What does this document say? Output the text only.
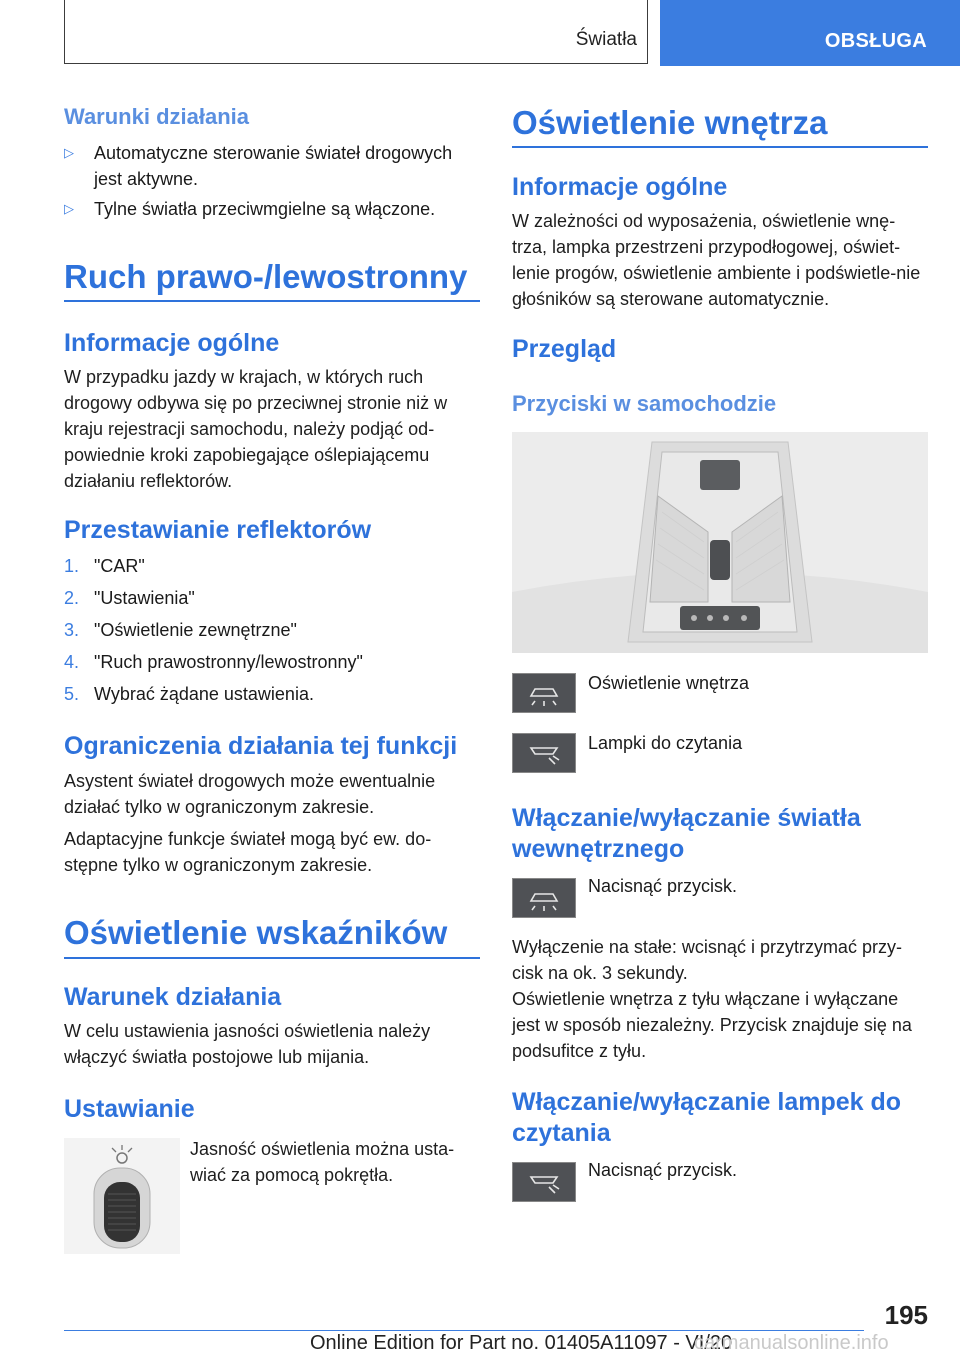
Światła	OBSŁUGA
Warunki działania
▷ Automatyczne sterowanie świateł drogowych jest aktywne.
▷ Tylne światła przeciwmgielne są włączone.
Ruch prawo-/lewostronny
Informacje ogólne
W przypadku jazdy w krajach, w których ruch drogowy odbywa się po przeciwnej stronie niż w kraju rejestracji samochodu, należy podjąć od-powiednie kroki zapobiegające oślepiającemu działaniu reflektorów.
Przestawianie reflektorów
1. "CAR"
2. "Ustawienia"
3. "Oświetlenie zewnętrzne"
4. "Ruch prawostronny/lewostronny"
5. Wybrać żądane ustawienia.
Ograniczenia działania tej funkcji
Asystent świateł drogowych może ewentualnie działać tylko w ograniczonym zakresie.
Adaptacyjne funkcje świateł mogą być ew. do-stępne tylko w ograniczonym zakresie.
Oświetlenie wskaźników
Warunek działania
W celu ustawienia jasności oświetlenia należy włączyć światła postojowe lub mijania.
Ustawianie
Jasność oświetlenia można usta-wiać za pomocą pokrętła.
Oświetlenie wnętrza
Informacje ogólne
W zależności od wyposażenia, oświetlenie wnę-trza, lampka przestrzeni przypodłogowej, oświet-lenie progów, oświetlenie ambiente i podświetle-nie głośników są sterowane automatycznie.
Przegląd
Przyciski w samochodzie
Oświetlenie wnętrza
Lampki do czytania
Włączanie/wyłączanie światła wewnętrznego
Nacisnąć przycisk.
Wyłączenie na stałe: wcisnąć i przytrzymać przy-cisk na ok. 3 sekundy.
Oświetlenie wnętrza z tyłu włączane i wyłączane jest w sposób niezależny. Przycisk znajduje się na podsufitce z tyłu.
Włączanie/wyłączanie lampek do czytania
Nacisnąć przycisk.
195
Online Edition for Part no. 01405A11097 - VI/20
carmanualsonline.info
